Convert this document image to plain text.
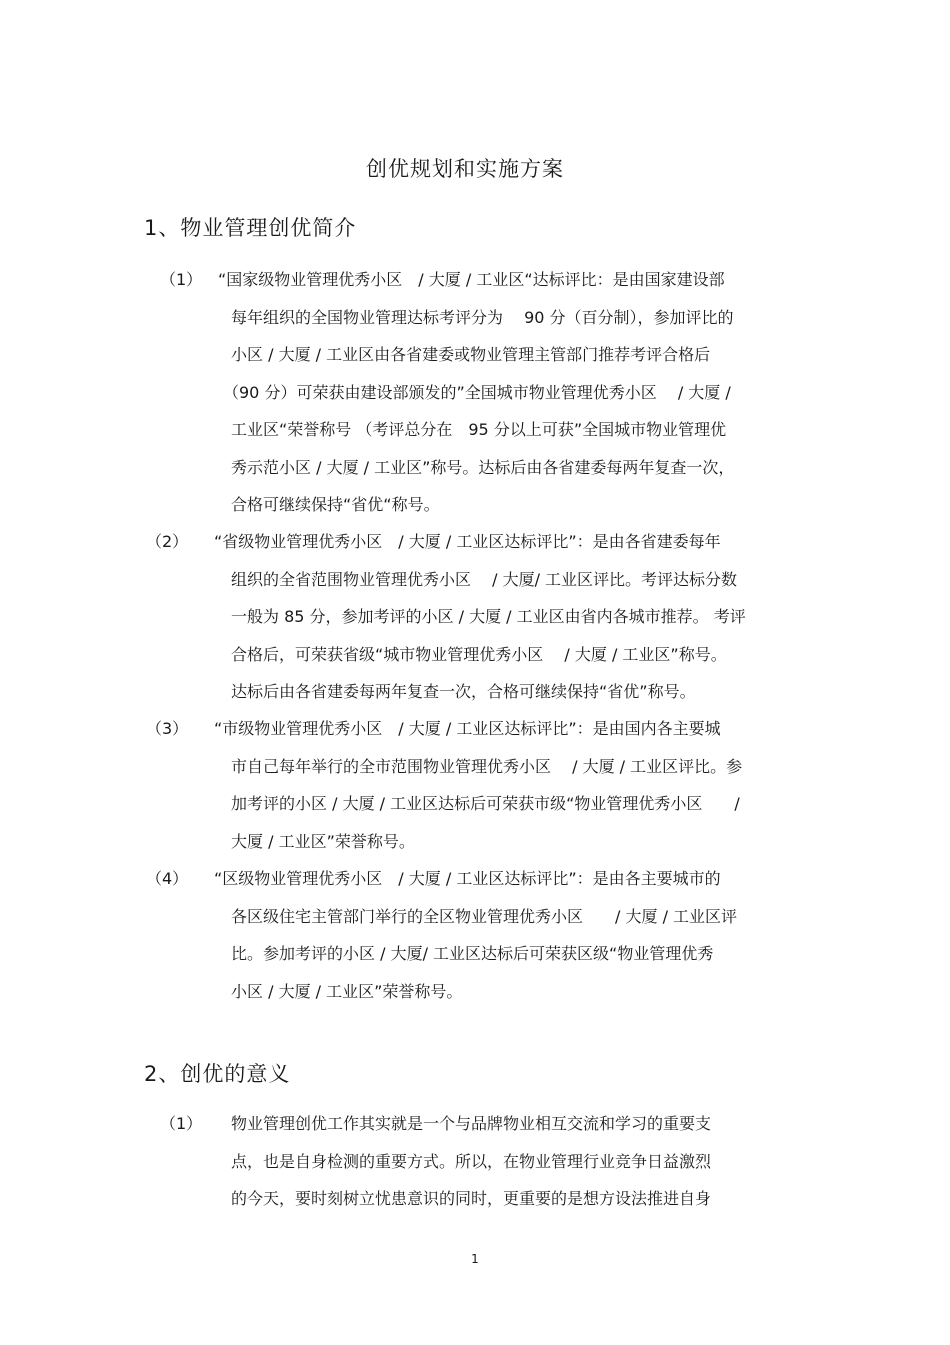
创优规划和实施方案
1、物业管理创优简介
（1） “国家级物业管理优秀小区　/ 大厦 / 工业区“达标评比：是由国家建设部
每年组织的全国物业管理达标考评分为　 90 分（百分制），参加评比的
小区 / 大厦 / 工业区由各省建委或物业管理主管部门推荐考评合格后
（90 分）可荣获由建设部颁发的”全国城市物业管理优秀小区　 / 大厦 /
工业区“荣誉称号 （考评总分在　95 分以上可获”全国城市物业管理优
秀示范小区 / 大厦 / 工业区”称号。达标后由各省建委每两年复查一次，
合格可继续保持“省优“称号。
（2） “省级物业管理优秀小区　/ 大厦 / 工业区达标评比”：是由各省建委每年
组织的全省范围物业管理优秀小区　 / 大厦/ 工业区评比。考评达标分数
一般为 85 分，参加考评的小区 / 大厦 / 工业区由省内各城市推荐。 考评
合格后，可荣获省级“城市物业管理优秀小区　 / 大厦 / 工业区”称号。
达标后由各省建委每两年复查一次，合格可继续保持“省优”称号。
（3） “市级物业管理优秀小区　/ 大厦 / 工业区达标评比”：是由国内各主要城
市自己每年举行的全市范围物业管理优秀小区　 / 大厦 / 工业区评比。参
加考评的小区 / 大厦 / 工业区达标后可荣获市级“物业管理优秀小区　　/
大厦 / 工业区”荣誉称号。
（4） “区级物业管理优秀小区　/ 大厦 / 工业区达标评比”：是由各主要城市的
各区级住宅主管部门举行的全区物业管理优秀小区　　/ 大厦 / 工业区评
比。参加考评的小区 / 大厦/ 工业区达标后可荣获区级“物业管理优秀
小区 / 大厦 / 工业区”荣誉称号。
2、创优的意义
（1） 物业管理创优工作其实就是一个与品牌物业相互交流和学习的重要支
点，也是自身检测的重要方式。所以，在物业管理行业竞争日益激烈
的今天，要时刻树立忧患意识的同时，更重要的是想方设法推进自身
1
